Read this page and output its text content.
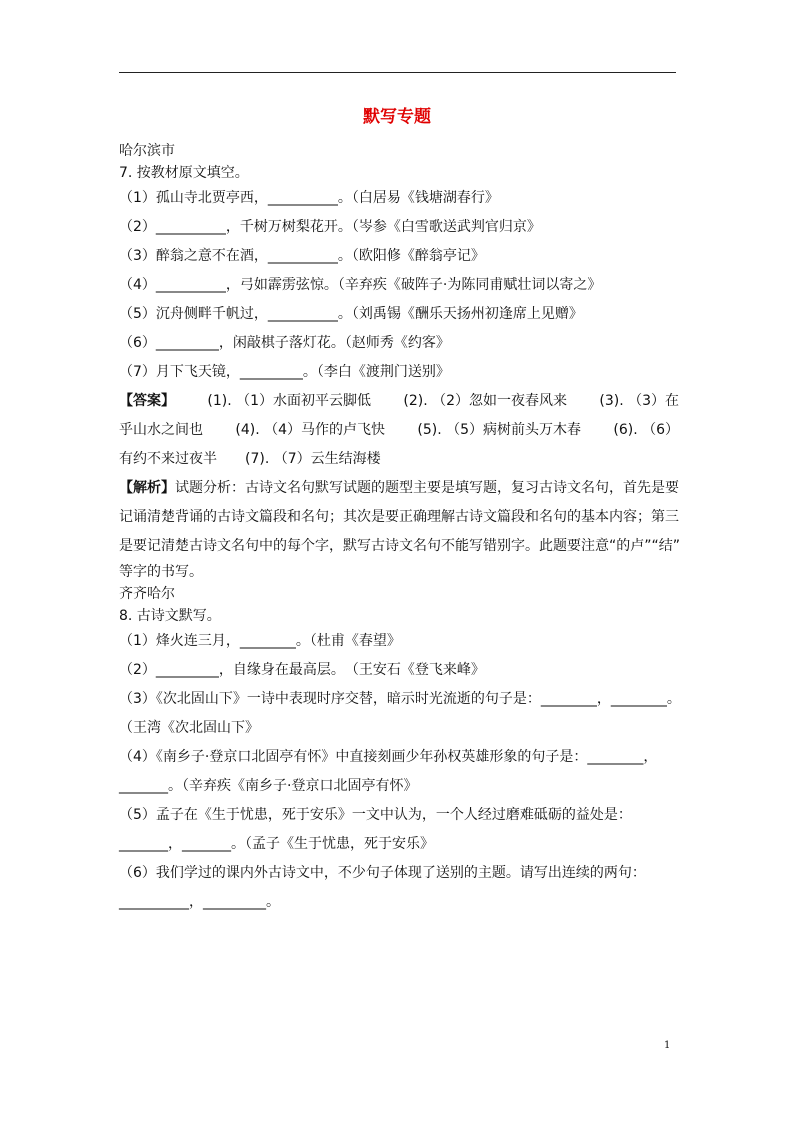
默写专题
哈尔滨市
7. 按教材原文填空。
（1）孤山寺北贾亭西，__________。（白居易《钱塘湖春行》
（2）__________，千树万树梨花开。（岑参《白雪歌送武判官归京》
（3）醉翁之意不在酒，__________。（欧阳修《醉翁亭记》
（4）__________，弓如霹雳弦惊。（辛弃疾《破阵子·为陈同甫赋壮词以寄之》
（5）沉舟侧畔千帆过，__________。（刘禹锡《酬乐天扬州初逢席上见赠》
（6）_________，闲敲棋子落灯花。（赵师秀《约客》
（7）月下飞天镜，_________。（李白《渡荆门送别》
【答案】 (1). （1）水面初平云脚低 (2). （2）忽如一夜春风来 (3). （3）在
乎山水之间也 (4). （4）马作的卢飞快 (5). （5）病树前头万木春 (6). （6）
有约不来过夜半　　(7). （7）云生结海楼
【解析】试题分析：古诗文名句默写试题的题型主要是填写题，复习古诗文名句，首先是要
记诵清楚背诵的古诗文篇段和名句；其次是要正确理解古诗文篇段和名句的基本内容；第三
是要记清楚古诗文名句中的每个字，默写古诗文名句不能写错别字。此题要注意“的卢”“结”
等字的书写。
齐齐哈尔
8. 古诗文默写。
（1）烽火连三月，________。（杜甫《春望》
（2）_________，自缘身在最高层。　（王安石《登飞来峰》
（3）《次北固山下》一诗中表现时序交替，暗示时光流逝的句子是：________，________。
（王湾《次北固山下》
（4）《南乡子·登京口北固亭有怀》中直接刻画少年孙权英雄形象的句子是：________，
_______。（辛弃疾《南乡子·登京口北固亭有怀》
（5）孟子在《生于忧患，死于安乐》一文中认为，一个人经过磨难砥砺的益处是：
_______，_______。（孟子《生于忧患，死于安乐》
（6）我们学过的课内外古诗文中，不少句子体现了送别的主题。请写出连续的两句：
__________，_________。
1
